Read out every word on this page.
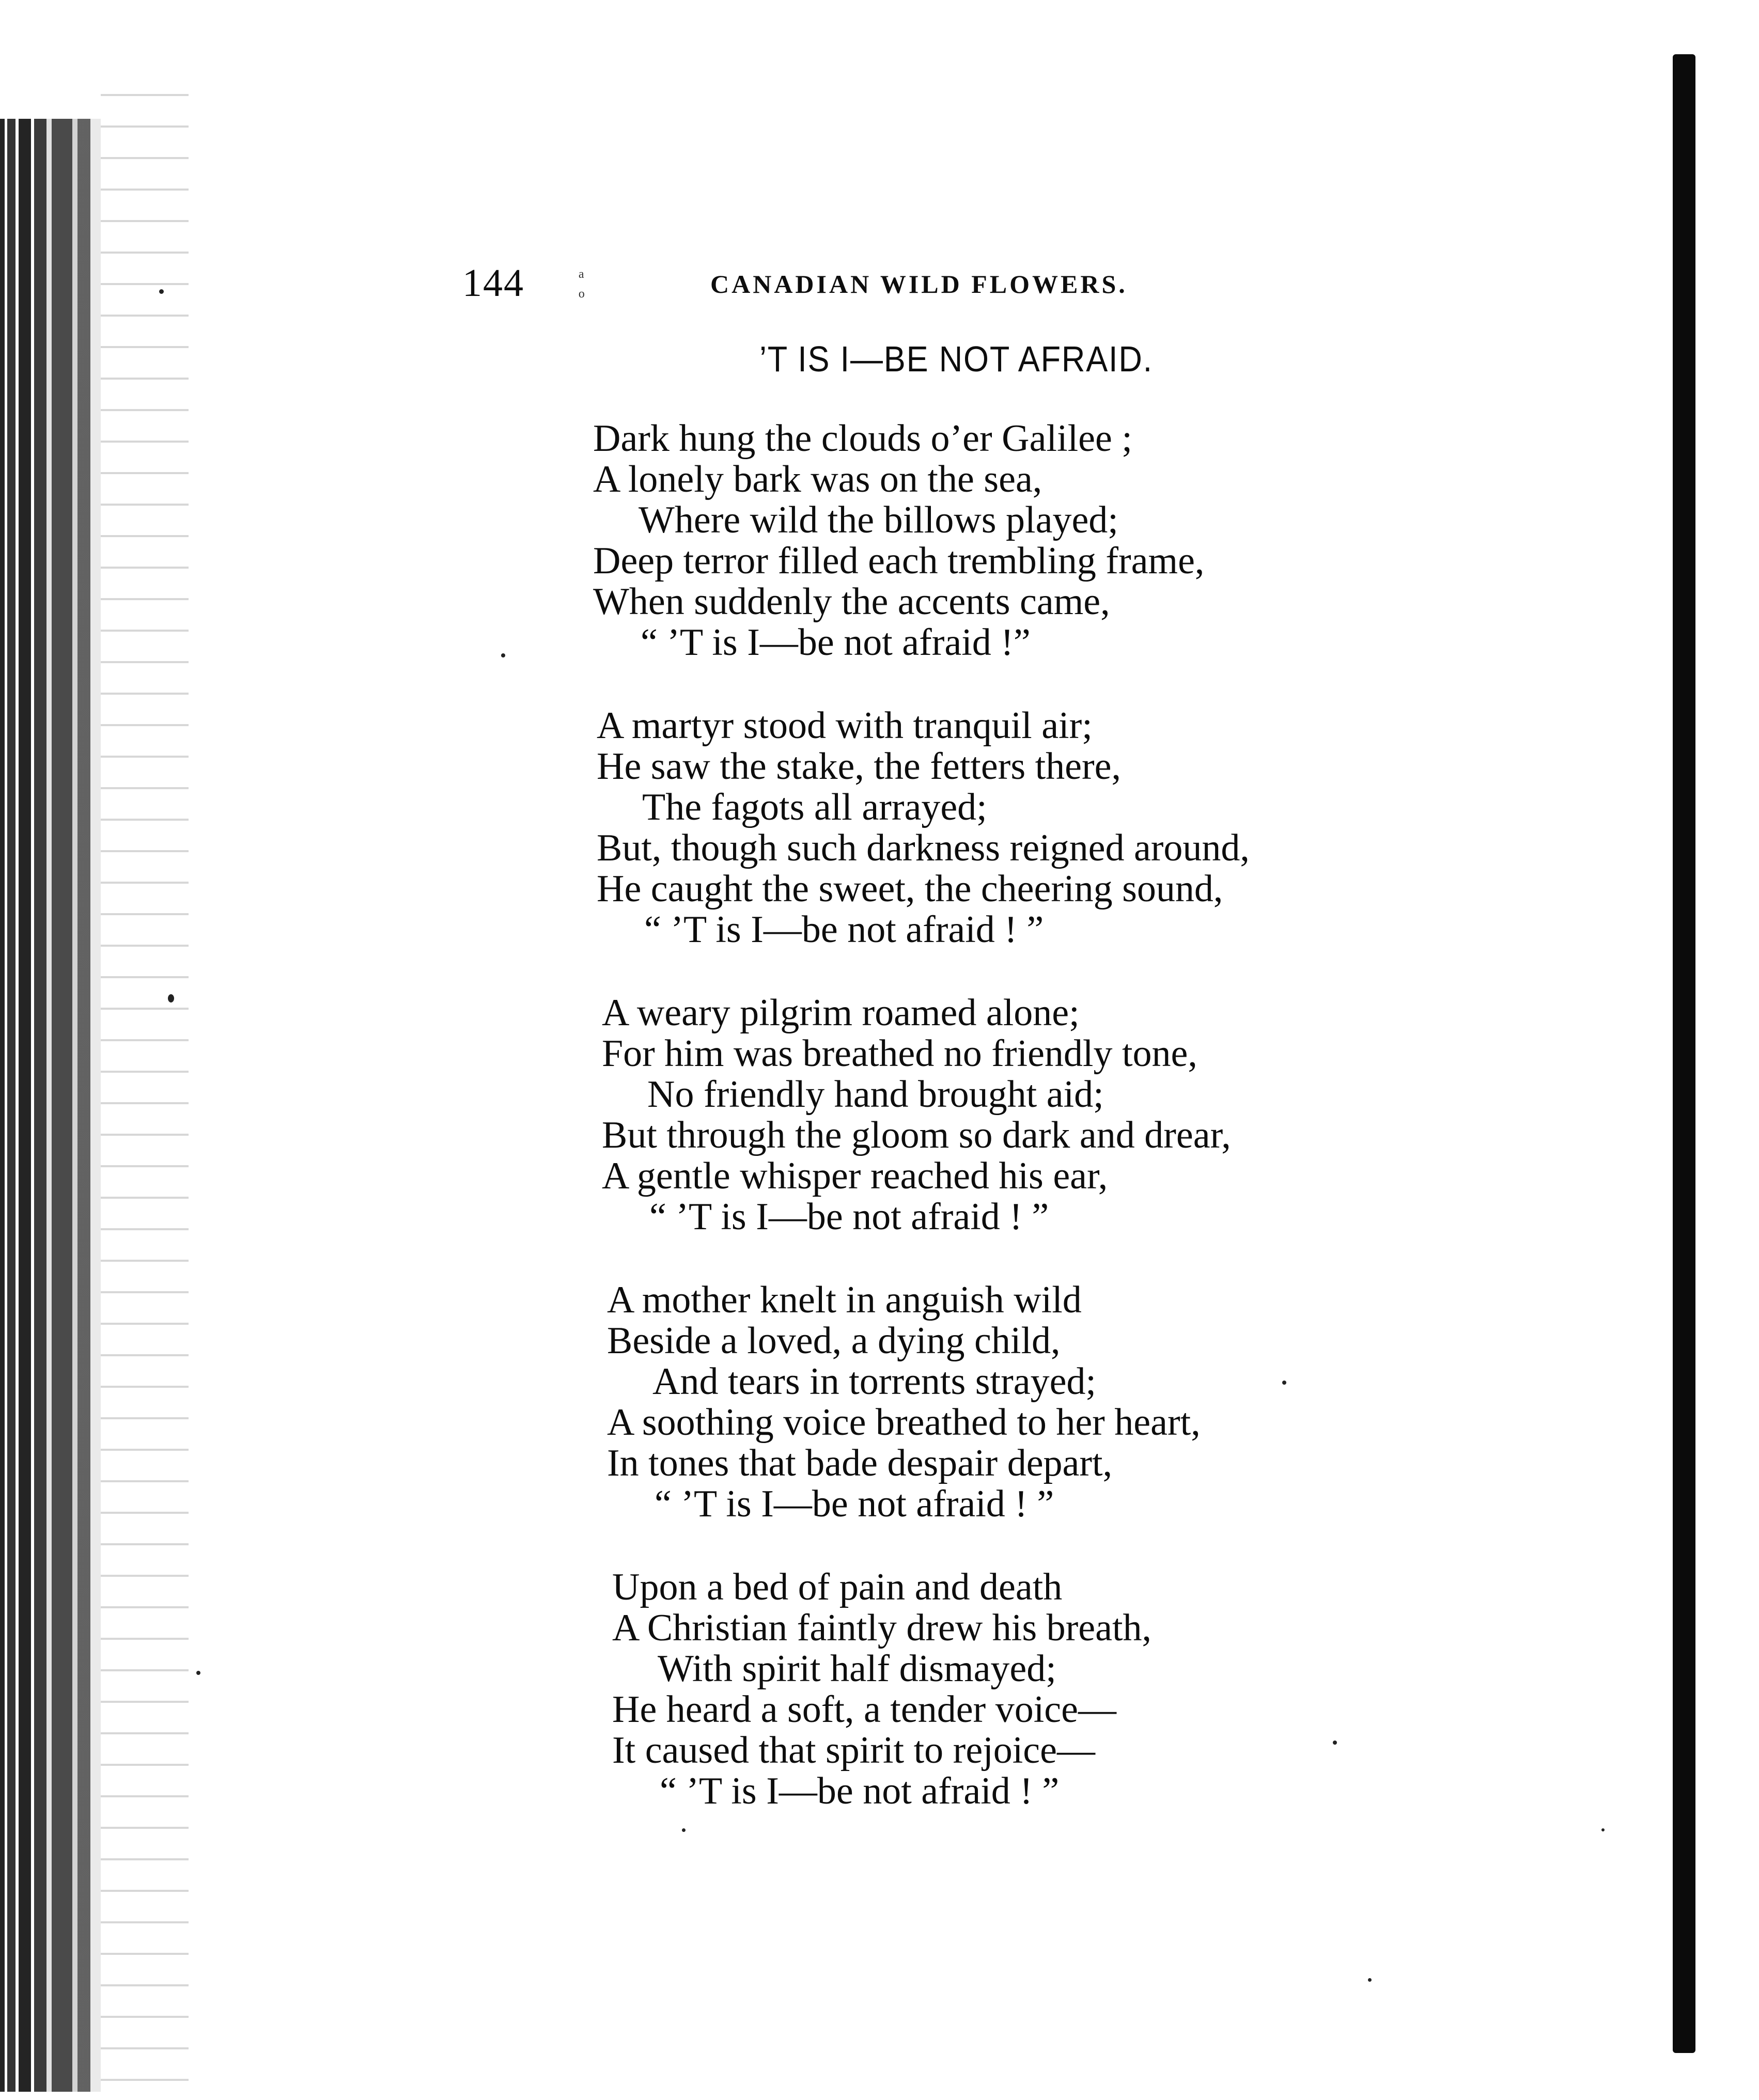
144	ᵃ
ᵒ	CANADIAN WILD FLOWERS.
’T IS I—BE NOT AFRAID.
Dark hung the clouds o’er Galilee ;
A lonely bark was on the sea,
Where wild the billows played;
Deep terror filled each trembling frame,
When suddenly the accents came,
“ ’T is I—be not afraid !”
A martyr stood with tranquil air;
He saw the stake, the fetters there,
The fagots all arrayed;
But, though such darkness reigned around,
He caught the sweet, the cheering sound,
“ ’T is I—be not afraid ! ”
A weary pilgrim roamed alone;
For him was breathed no friendly tone,
No friendly hand brought aid;
But through the gloom so dark and drear,
A gentle whisper reached his ear,
“ ’T is I—be not afraid ! ”
A mother knelt in anguish wild
Beside a loved, a dying child,
And tears in torrents strayed;
A soothing voice breathed to her heart,
In tones that bade despair depart,
“ ’T is I—be not afraid ! ”
Upon a bed of pain and death
A Christian faintly drew his breath,
With spirit half dismayed;
He heard a soft, a tender voice—
It caused that spirit to rejoice—
“ ’T is I—be not afraid ! ”
